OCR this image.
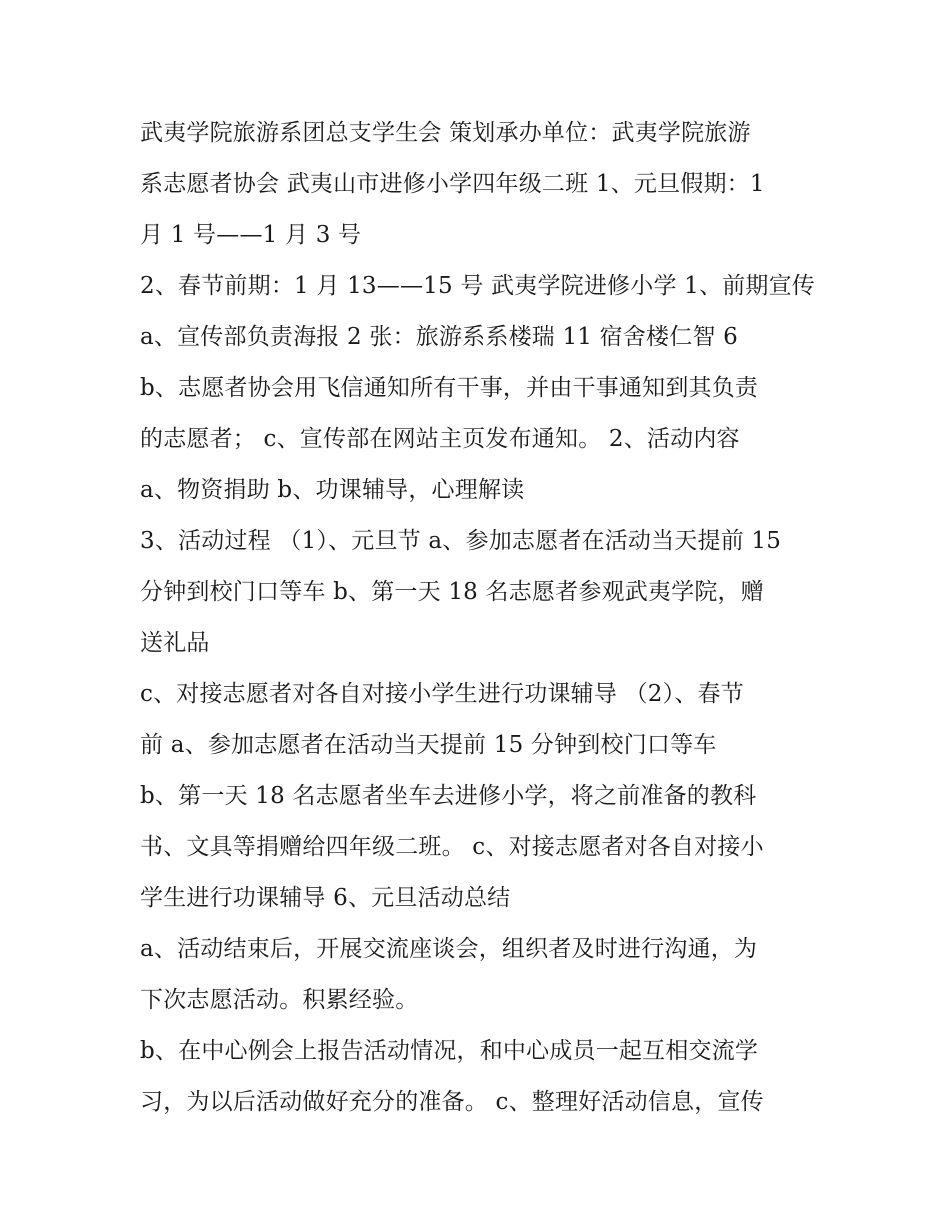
武夷学院旅游系团总支学生会 策划承办单位：武夷学院旅游
系志愿者协会 武夷山市进修小学四年级二班 1、元旦假期：1
月 1 号——1 月 3 号
2、春节前期：1 月 13——15 号 武夷学院进修小学 1、前期宣传
a、宣传部负责海报 2 张：旅游系系楼瑞 11 宿舍楼仁智 6
b、志愿者协会用飞信通知所有干事，并由干事通知到其负责
的志愿者； c、宣传部在网站主页发布通知。 2、活动内容
a、物资捐助 b、功课辅导，心理解读
3、活动过程 （1）、元旦节 a、参加志愿者在活动当天提前 15
分钟到校门口等车 b、第一天 18 名志愿者参观武夷学院，赠
送礼品
c、对接志愿者对各自对接小学生进行功课辅导 （2）、春节
前 a、参加志愿者在活动当天提前 15 分钟到校门口等车
b、第一天 18 名志愿者坐车去进修小学，将之前准备的教科
书、文具等捐赠给四年级二班。 c、对接志愿者对各自对接小
学生进行功课辅导 6、元旦活动总结
a、活动结束后，开展交流座谈会，组织者及时进行沟通，为
下次志愿活动。积累经验。
b、在中心例会上报告活动情况，和中心成员一起互相交流学
习，为以后活动做好充分的准备。 c、整理好活动信息，宣传
